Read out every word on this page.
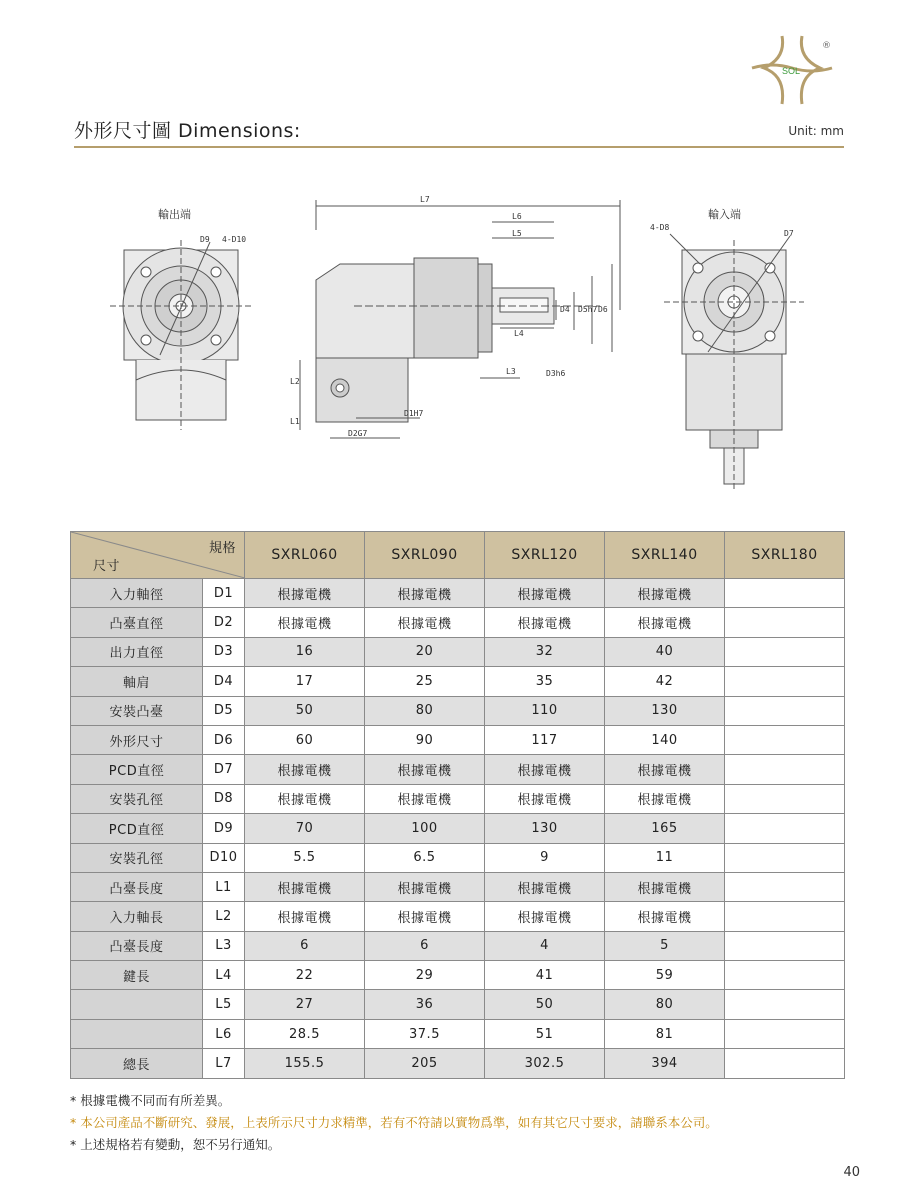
SOL
®
外形尺寸圖 Dimensions:	Unit: mm
輸出端
D9 4-D10
L7
L6
L5
L4
L3
L2
L1
D1H7
D2G7
D3h6
D4 D5h7 D6
輸入端
4-D8
D7
規格
尺寸		SXRL060	SXRL090	SXRL120	SXRL140	SXRL180
入力軸徑	D1	根據電機	根據電機	根據電機	根據電機	
凸臺直徑	D2	根據電機	根據電機	根據電機	根據電機	
出力直徑	D3	16	20	32	40	
軸肩	D4	17	25	35	42	
安裝凸臺	D5	50	80	110	130	
外形尺寸	D6	60	90	117	140	
PCD直徑	D7	根據電機	根據電機	根據電機	根據電機	
安裝孔徑	D8	根據電機	根據電機	根據電機	根據電機	
PCD直徑	D9	70	100	130	165	
安裝孔徑	D10	5.5	6.5	9	11	
凸臺長度	L1	根據電機	根據電機	根據電機	根據電機	
入力軸長	L2	根據電機	根據電機	根據電機	根據電機	
凸臺長度	L3	6	6	4	5	
鍵長	L4	22	29	41	59	
	L5	27	36	50	80	
	L6	28.5	37.5	51	81	
總長	L7	155.5	205	302.5	394	
* 根據電機不同而有所差異。
* 本公司產品不斷研究、發展，上表所示尺寸力求精準，若有不符請以實物爲準，如有其它尺寸要求，請聯系本公司。
* 上述規格若有變動，恕不另行通知。
40
